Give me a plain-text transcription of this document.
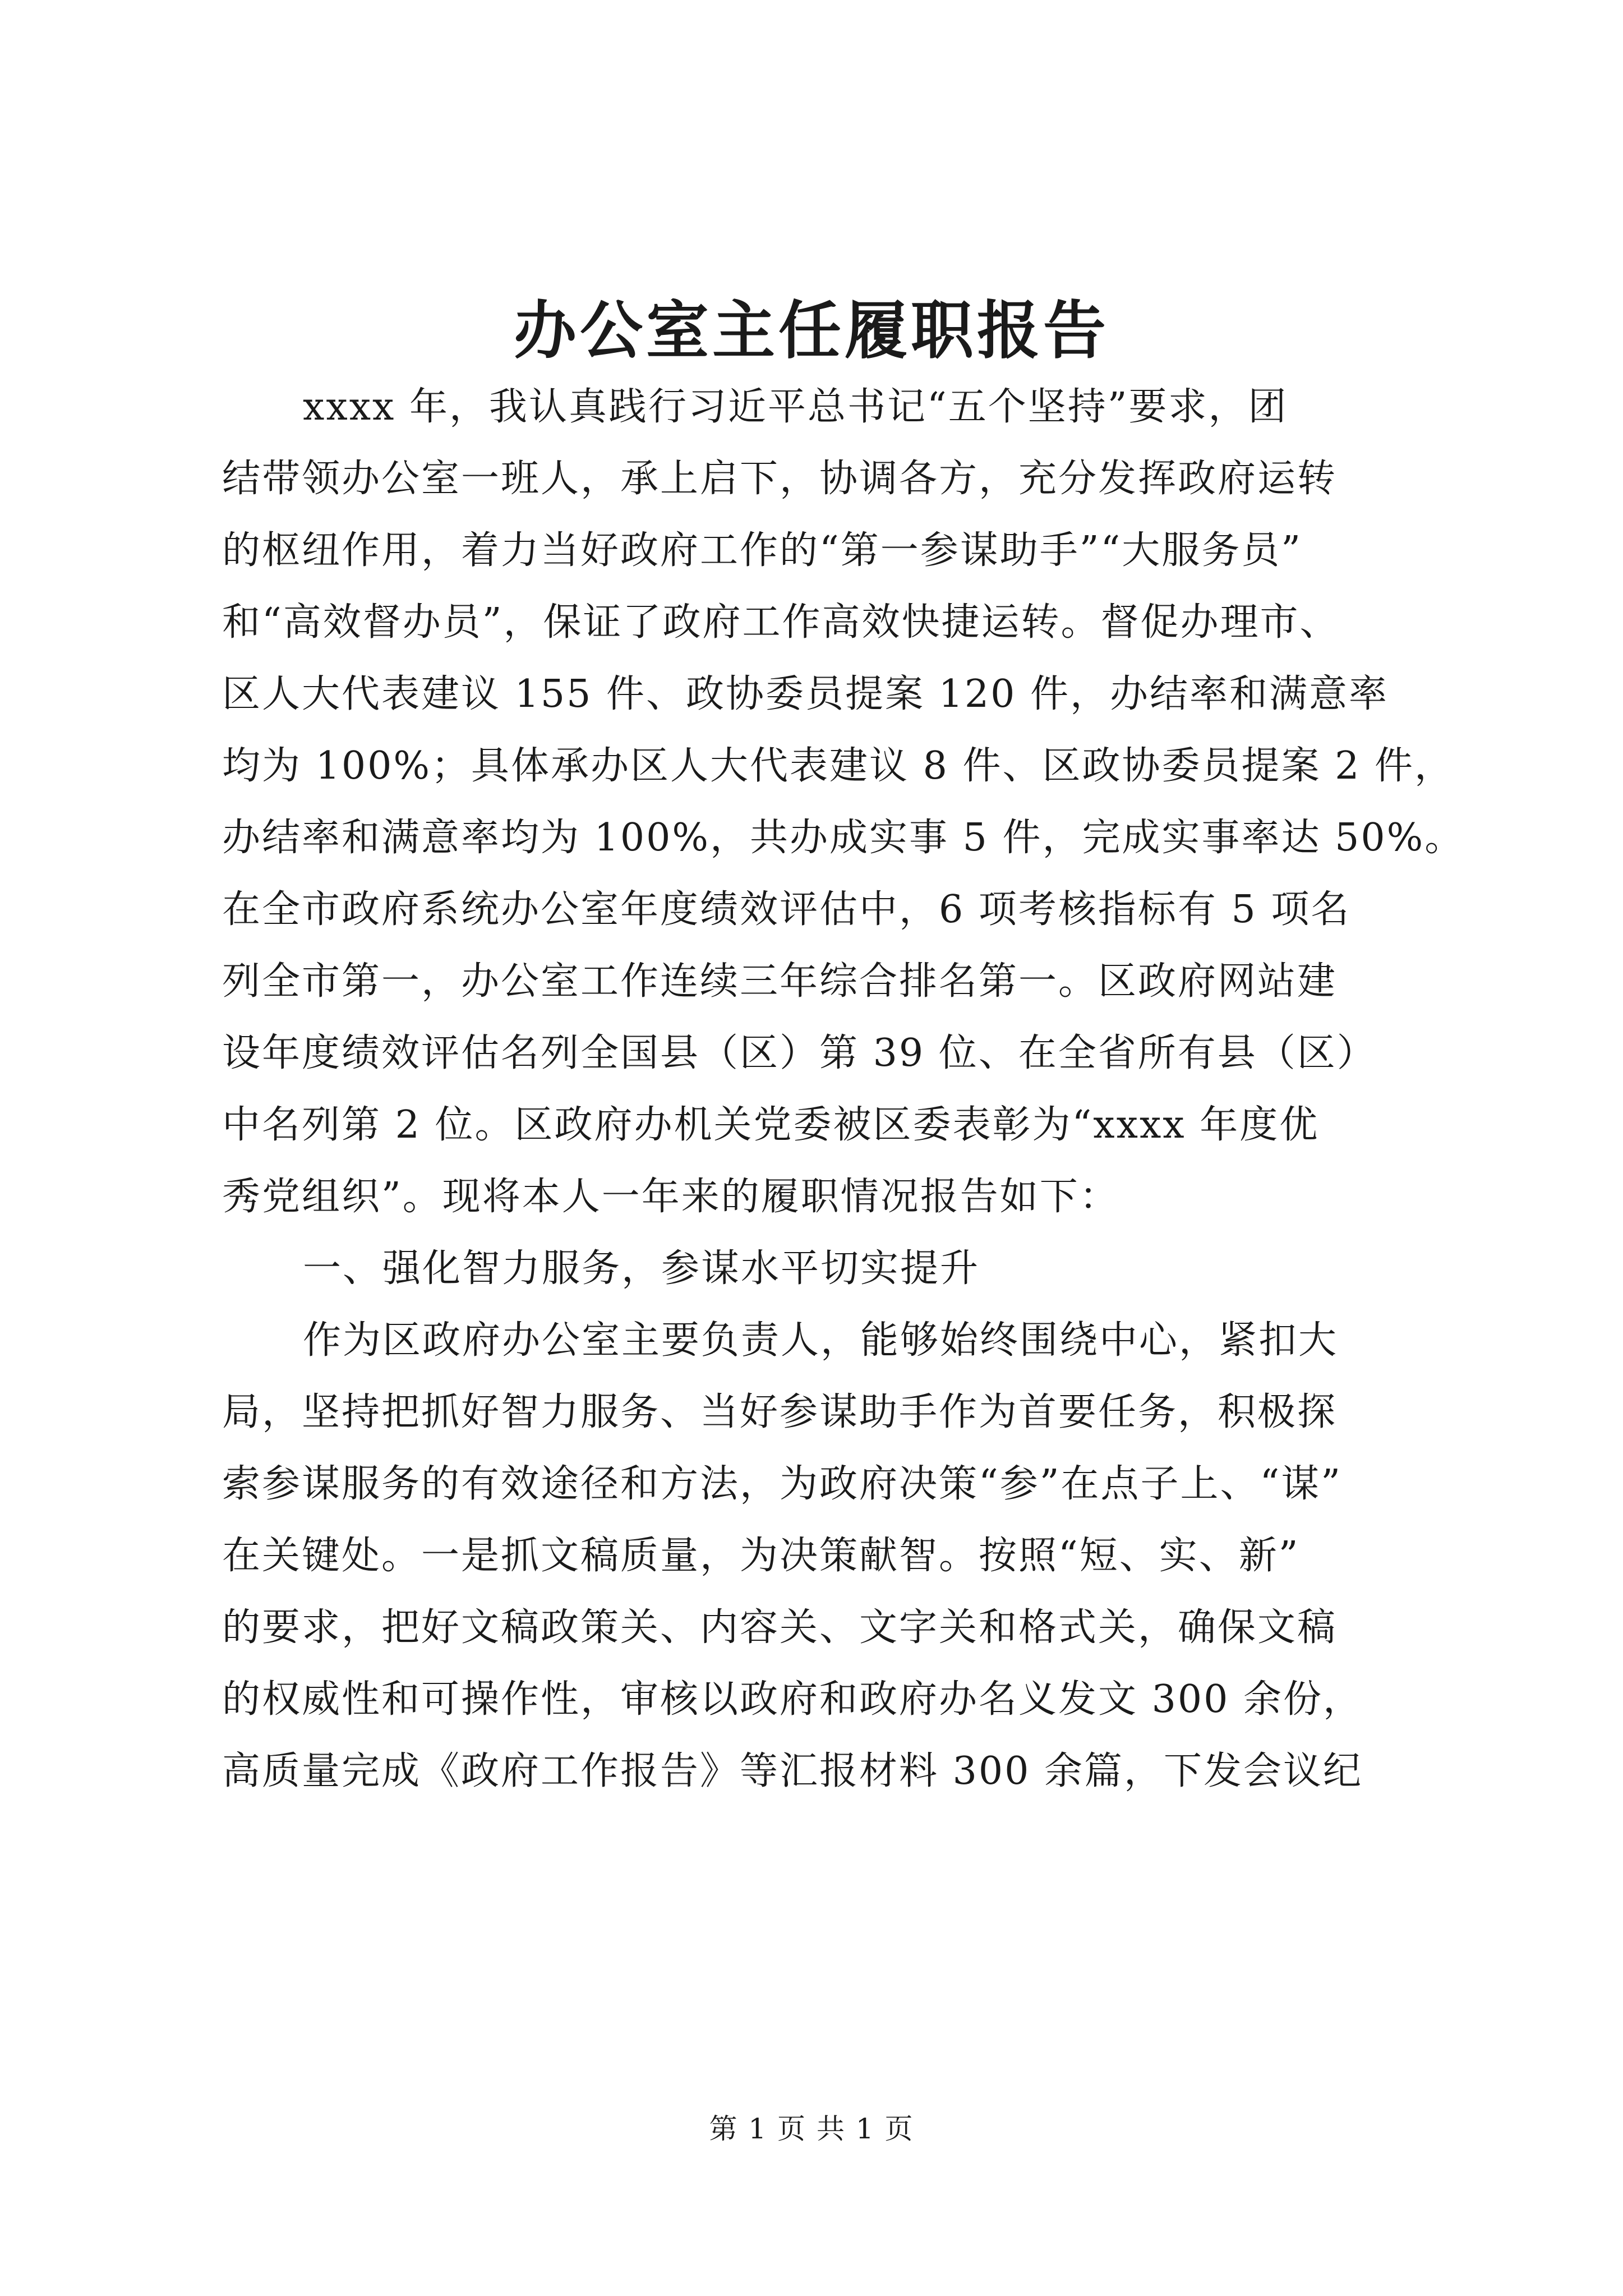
办公室主任履职报告

xxxx 年，我认真践行习近平总书记“五个坚持”要求，团

结带领办公室一班人，承上启下，协调各方，充分发挥政府运转

的枢纽作用，着力当好政府工作的“第一参谋助手”“大服务员”

和“高效督办员”，保证了政府工作高效快捷运转。督促办理市、

区人大代表建议 155 件、政协委员提案 120 件，办结率和满意率

均为 100%；具体承办区人大代表建议 8 件、区政协委员提案 2 件，

办结率和满意率均为 100%，共办成实事 5 件，完成实事率达 50%。

在全市政府系统办公室年度绩效评估中，6 项考核指标有 5 项名

列全市第一，办公室工作连续三年综合排名第一。区政府网站建

设年度绩效评估名列全国县（区）第 39 位、在全省所有县（区）

中名列第 2 位。区政府办机关党委被区委表彰为“xxxx 年度优

秀党组织”。现将本人一年来的履职情况报告如下：

一、强化智力服务，参谋水平切实提升

作为区政府办公室主要负责人，能够始终围绕中心，紧扣大

局，坚持把抓好智力服务、当好参谋助手作为首要任务，积极探

索参谋服务的有效途径和方法，为政府决策“参”在点子上、“谋”

在关键处。一是抓文稿质量，为决策献智。按照“短、实、新”

的要求，把好文稿政策关、内容关、文字关和格式关，确保文稿

的权威性和可操作性，审核以政府和政府办名义发文 300 余份，

高质量完成《政府工作报告》等汇报材料 300 余篇，下发会议纪

第 1 页 共 1 页
